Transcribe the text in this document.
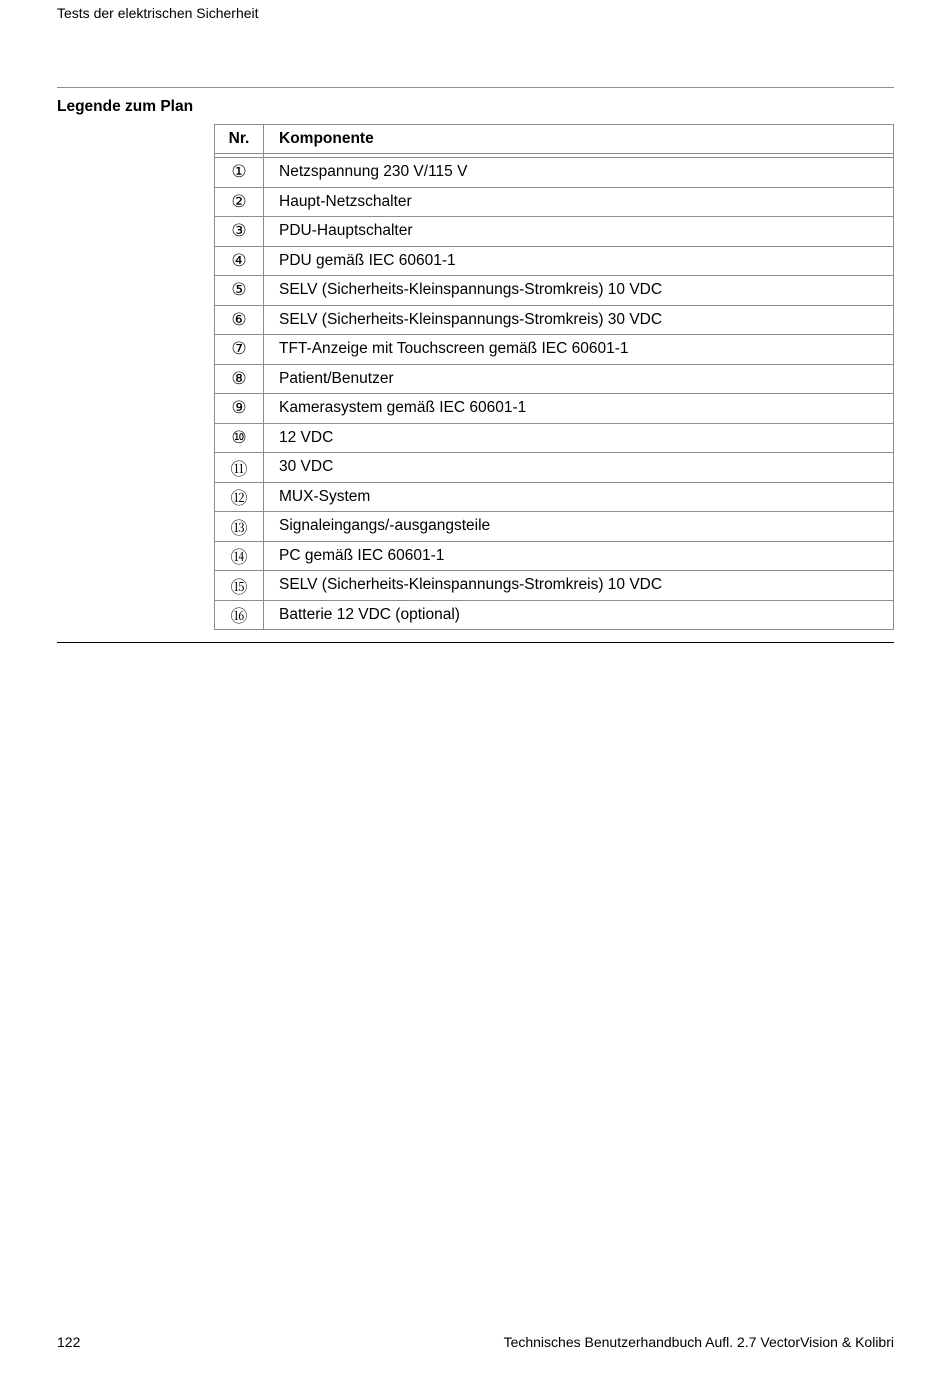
Tests der elektrischen Sicherheit
Legende zum Plan
Nr.	Komponente

①	Netzspannung 230 V/115 V
②	Haupt-Netzschalter
③	PDU-Hauptschalter
④	PDU gemäß IEC 60601-1
⑤	SELV (Sicherheits-Kleinspannungs-Stromkreis) 10 VDC
⑥	SELV (Sicherheits-Kleinspannungs-Stromkreis) 30 VDC
⑦	TFT-Anzeige mit Touchscreen gemäß IEC 60601-1
⑧	Patient/Benutzer
⑨	Kamerasystem gemäß IEC 60601-1
⑩	12 VDC
⑪	30 VDC
⑫	MUX-System
⑬	Signaleingangs/-ausgangsteile
⑭	PC gemäß IEC 60601-1
⑮	SELV (Sicherheits-Kleinspannungs-Stromkreis) 10 VDC
⑯	Batterie 12 VDC (optional)
122	Technisches Benutzerhandbuch Aufl. 2.7 VectorVision & Kolibri
